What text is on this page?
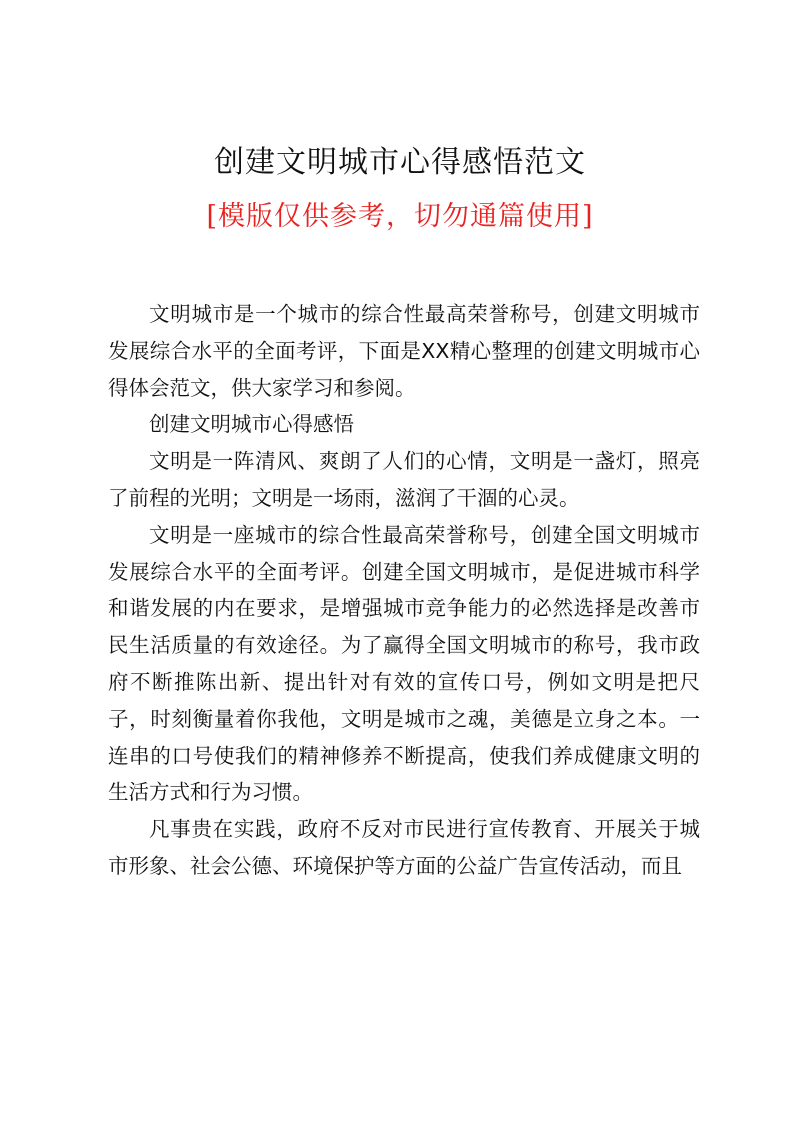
创建文明城市心得感悟范文
[模版仅供参考，切勿通篇使用]

文明城市是一个城市的综合性最高荣誉称号，创建文明城市发展综合水平的全面考评，下面是XX精心整理的创建文明城市心得体会范文，供大家学习和参阅。

创建文明城市心得感悟

文明是一阵清风、爽朗了人们的心情，文明是一盏灯，照亮了前程的光明；文明是一场雨，滋润了干涸的心灵。

文明是一座城市的综合性最高荣誉称号，创建全国文明城市发展综合水平的全面考评。创建全国文明城市，是促进城市科学和谐发展的内在要求，是增强城市竞争能力的必然选择是改善市民生活质量的有效途径。为了赢得全国文明城市的称号，我市政府不断推陈出新、提出针对有效的宣传口号，例如文明是把尺子，时刻衡量着你我他，文明是城市之魂，美德是立身之本。一连串的口号使我们的精神修养不断提高，使我们养成健康文明的生活方式和行为习惯。

凡事贵在实践，政府不反对市民进行宣传教育、开展关于城市形象、社会公德、环境保护等方面的公益广告宣传活动，而且
